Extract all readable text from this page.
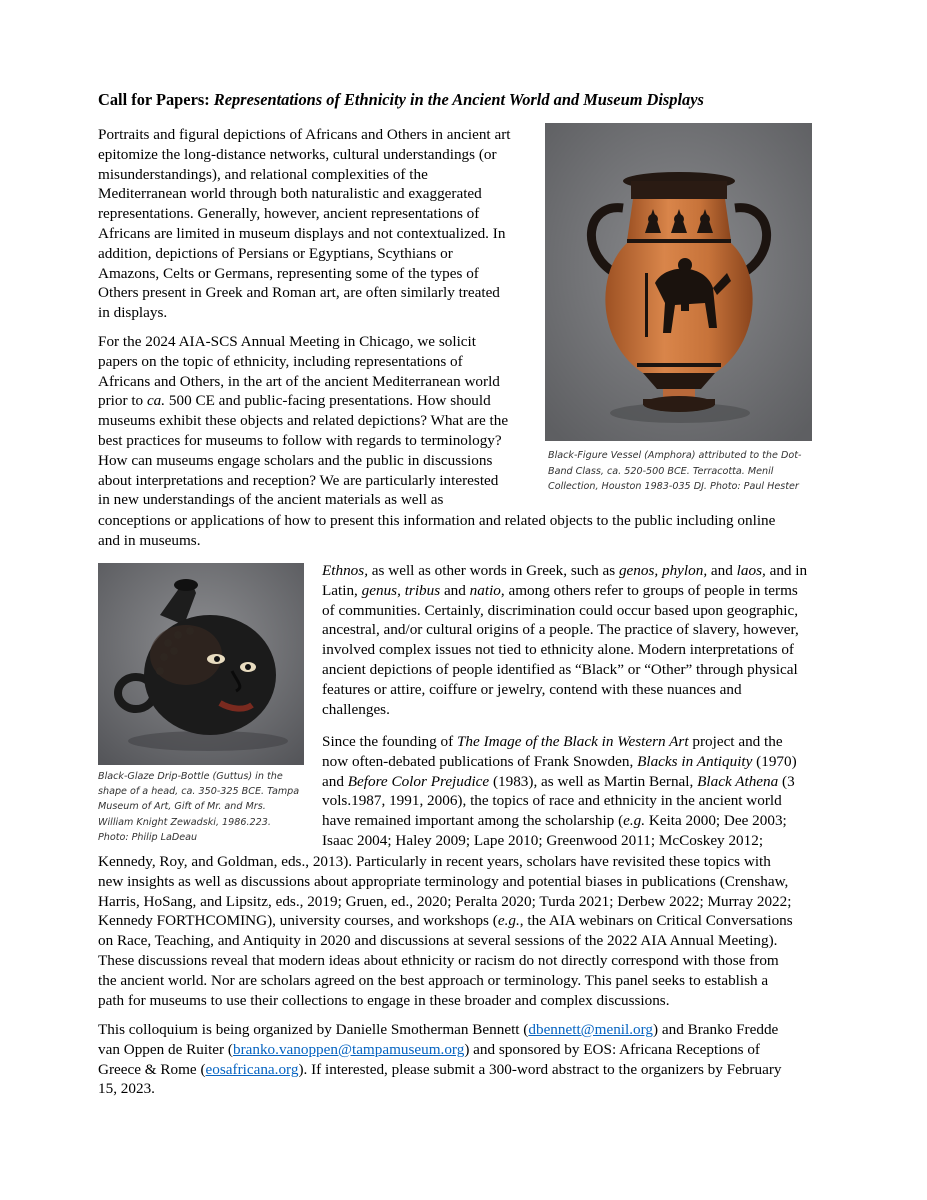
Call for Papers: Representations of Ethnicity in the Ancient World and Museum Displays
Portraits and figural depictions of Africans and Others in ancient art
epitomize the long-distance networks, cultural understandings (or
misunderstandings), and relational complexities of the
Mediterranean world through both naturalistic and exaggerated
representations. Generally, however, ancient representations of
Africans are limited in museum displays and not contextualized. In
addition, depictions of Persians or Egyptians, Scythians or
Amazons, Celts or Germans, representing some of the types of
Others present in Greek and Roman art, are often similarly treated
in displays.
Black-Figure Vessel (Amphora) attributed to the Dot-
Band Class, ca. 520-500 BCE. Terracotta. Menil
Collection, Houston 1983-035 DJ. Photo: Paul Hester
For the 2024 AIA-SCS Annual Meeting in Chicago, we solicit
papers on the topic of ethnicity, including representations of
Africans and Others, in the art of the ancient Mediterranean world
prior to ca. 500 CE and public-facing presentations. How should
museums exhibit these objects and related depictions? What are the
best practices for museums to follow with regards to terminology?
How can museums engage scholars and the public in discussions
about interpretations and reception? We are particularly interested
in new understandings of the ancient materials as well as
conceptions or applications of how to present this information and related objects to the public including online
and in museums.
Black-Glaze Drip-Bottle (Guttus) in the
shape of a head, ca. 350-325 BCE. Tampa
Museum of Art, Gift of Mr. and Mrs.
William Knight Zewadski, 1986.223.
Photo: Philip LaDeau
Ethnos, as well as other words in Greek, such as genos, phylon, and laos, and in
Latin, genus, tribus and natio, among others refer to groups of people in terms
of communities. Certainly, discrimination could occur based upon geographic,
ancestral, and/or cultural origins of a people. The practice of slavery, however,
involved complex issues not tied to ethnicity alone. Modern interpretations of
ancient depictions of people identified as “Black” or “Other” through physical
features or attire, coiffure or jewelry, contend with these nuances and
challenges.
Since the founding of The Image of the Black in Western Art project and the
now often-debated publications of Frank Snowden, Blacks in Antiquity (1970)
and Before Color Prejudice (1983), as well as Martin Bernal, Black Athena (3
vols.1987, 1991, 2006), the topics of race and ethnicity in the ancient world
have remained important among the scholarship (e.g. Keita 2000; Dee 2003;
Isaac 2004; Haley 2009; Lape 2010; Greenwood 2011; McCoskey 2012;
Kennedy, Roy, and Goldman, eds., 2013). Particularly in recent years, scholars have revisited these topics with
new insights as well as discussions about appropriate terminology and potential biases in publications (Crenshaw,
Harris, HoSang, and Lipsitz, eds., 2019; Gruen, ed., 2020; Peralta 2020; Turda 2021; Derbew 2022; Murray 2022;
Kennedy FORTHCOMING), university courses, and workshops (e.g., the AIA webinars on Critical Conversations
on Race, Teaching, and Antiquity in 2020 and discussions at several sessions of the 2022 AIA Annual Meeting).
These discussions reveal that modern ideas about ethnicity or racism do not directly correspond with those from
the ancient world. Nor are scholars agreed on the best approach or terminology. This panel seeks to establish a
path for museums to use their collections to engage in these broader and complex discussions.
This colloquium is being organized by Danielle Smotherman Bennett (dbennett@menil.org) and Branko Fredde
van Oppen de Ruiter (branko.vanoppen@tampamuseum.org) and sponsored by EOS: Africana Receptions of
Greece & Rome (eosafricana.org). If interested, please submit a 300-word abstract to the organizers by February
15, 2023.
